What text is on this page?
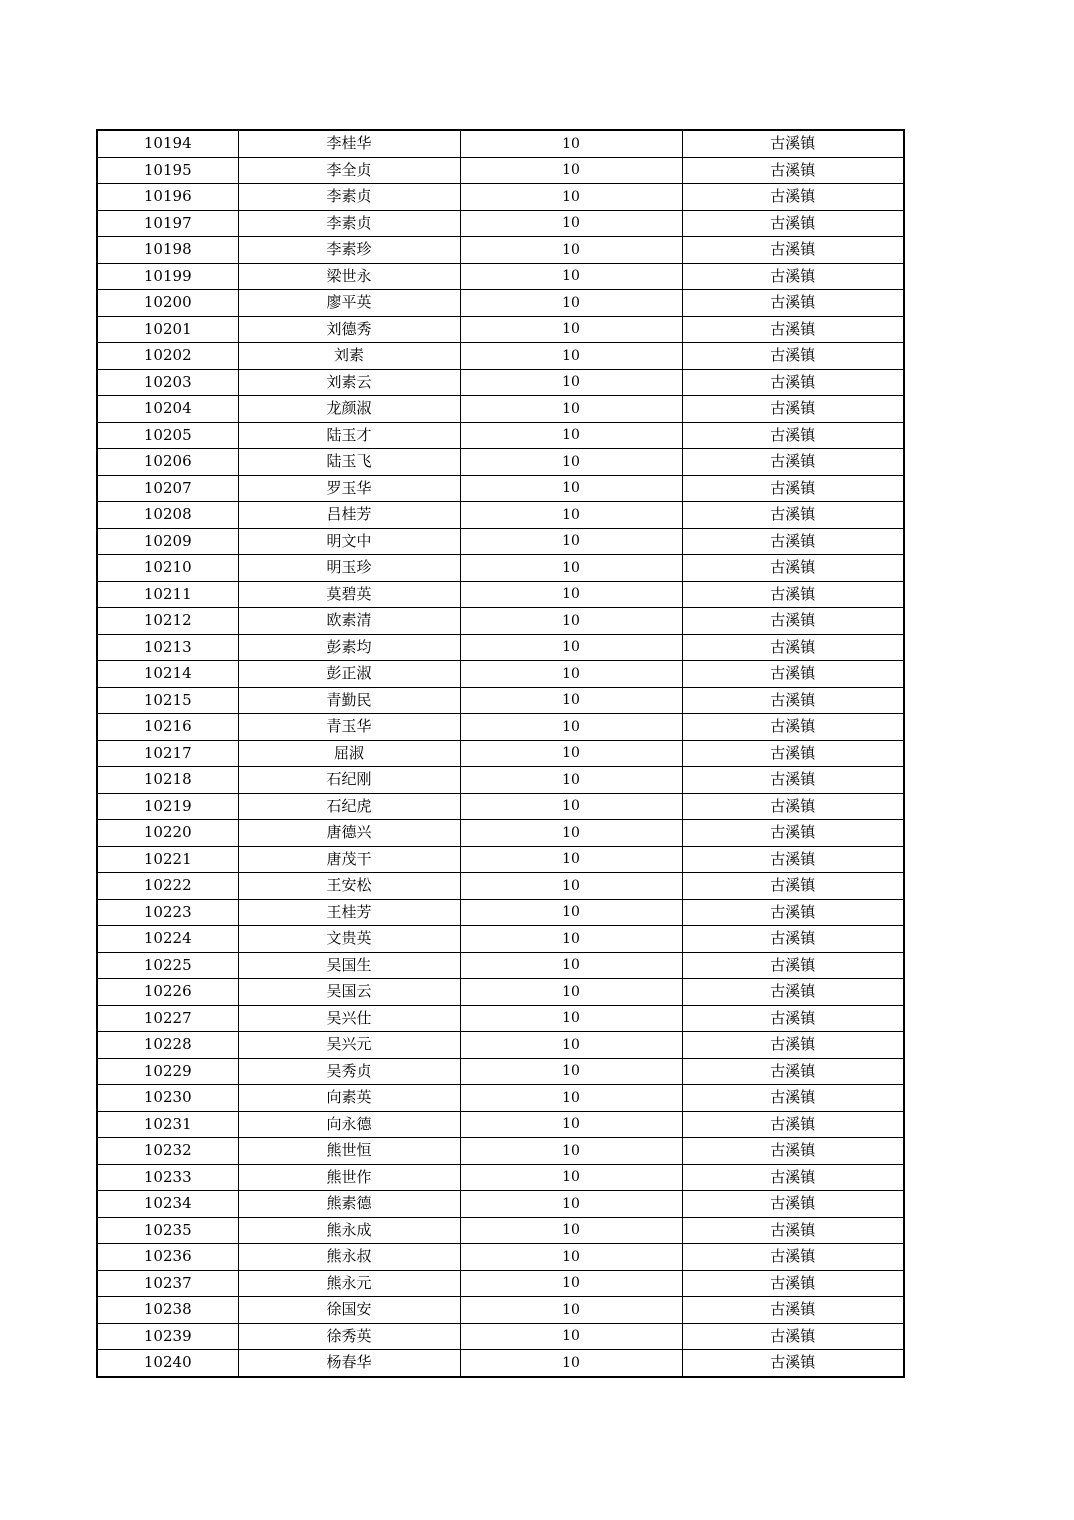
10194	李桂华	10	古溪镇
10195	李全贞	10	古溪镇
10196	李素贞	10	古溪镇
10197	李素贞	10	古溪镇
10198	李素珍	10	古溪镇
10199	梁世永	10	古溪镇
10200	廖平英	10	古溪镇
10201	刘德秀	10	古溪镇
10202	刘素	10	古溪镇
10203	刘素云	10	古溪镇
10204	龙颜淑	10	古溪镇
10205	陆玉才	10	古溪镇
10206	陆玉飞	10	古溪镇
10207	罗玉华	10	古溪镇
10208	吕桂芳	10	古溪镇
10209	明文中	10	古溪镇
10210	明玉珍	10	古溪镇
10211	莫碧英	10	古溪镇
10212	欧素清	10	古溪镇
10213	彭素均	10	古溪镇
10214	彭正淑	10	古溪镇
10215	青勤民	10	古溪镇
10216	青玉华	10	古溪镇
10217	屈淑	10	古溪镇
10218	石纪刚	10	古溪镇
10219	石纪虎	10	古溪镇
10220	唐德兴	10	古溪镇
10221	唐茂干	10	古溪镇
10222	王安松	10	古溪镇
10223	王桂芳	10	古溪镇
10224	文贵英	10	古溪镇
10225	吴国生	10	古溪镇
10226	吴国云	10	古溪镇
10227	吴兴仕	10	古溪镇
10228	吴兴元	10	古溪镇
10229	吴秀贞	10	古溪镇
10230	向素英	10	古溪镇
10231	向永德	10	古溪镇
10232	熊世恒	10	古溪镇
10233	熊世作	10	古溪镇
10234	熊素德	10	古溪镇
10235	熊永成	10	古溪镇
10236	熊永叔	10	古溪镇
10237	熊永元	10	古溪镇
10238	徐国安	10	古溪镇
10239	徐秀英	10	古溪镇
10240	杨春华	10	古溪镇
